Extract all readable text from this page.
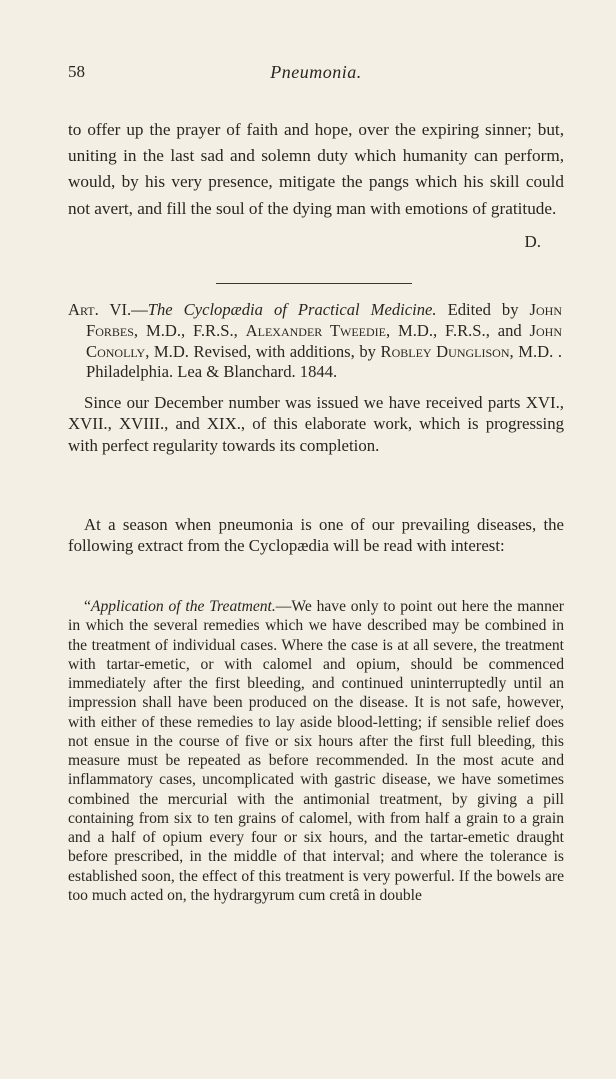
58	Pneumonia.

to offer up the prayer of faith and hope, over the expiring sinner; but, uniting in the last sad and solemn duty which humanity can perform, would, by his very presence, mitigate the pangs which his skill could not avert, and fill the soul of the dying man with emotions of gratitude.

D.

Art. VI.—The Cyclopædia of Practical Medicine. Edited by John Forbes, M.D., F.R.S., Alexander Tweedie, M.D., F.R.S., and John Conolly, M.D. Revised, with additions, by Robley Dunglison, M.D. . Philadelphia. Lea & Blanchard. 1844.

Since our December number was issued we have received parts XVI., XVII., XVIII., and XIX., of this elaborate work, which is progressing with perfect regularity towards its completion.

At a season when pneumonia is one of our prevailing diseases, the following extract from the Cyclopædia will be read with interest:

“Application of the Treatment.—We have only to point out here the manner in which the several remedies which we have described may be combined in the treatment of individual cases. Where the case is at all severe, the treatment with tartar-emetic, or with calomel and opium, should be commenced immediately after the first bleeding, and continued uninterruptedly until an impression shall have been produced on the disease. It is not safe, however, with either of these remedies to lay aside blood-letting; if sensible relief does not ensue in the course of five or six hours after the first full bleeding, this measure must be repeated as before recommended. In the most acute and inflammatory cases, uncomplicated with gastric disease, we have sometimes combined the mercurial with the antimonial treatment, by giving a pill containing from six to ten grains of calomel, with from half a grain to a grain and a half of opium every four or six hours, and the tartar-emetic draught before prescribed, in the middle of that interval; and where the tolerance is established soon, the effect of this treatment is very powerful. If the bowels are too much acted on, the hydrargyrum cum cretâ in double
